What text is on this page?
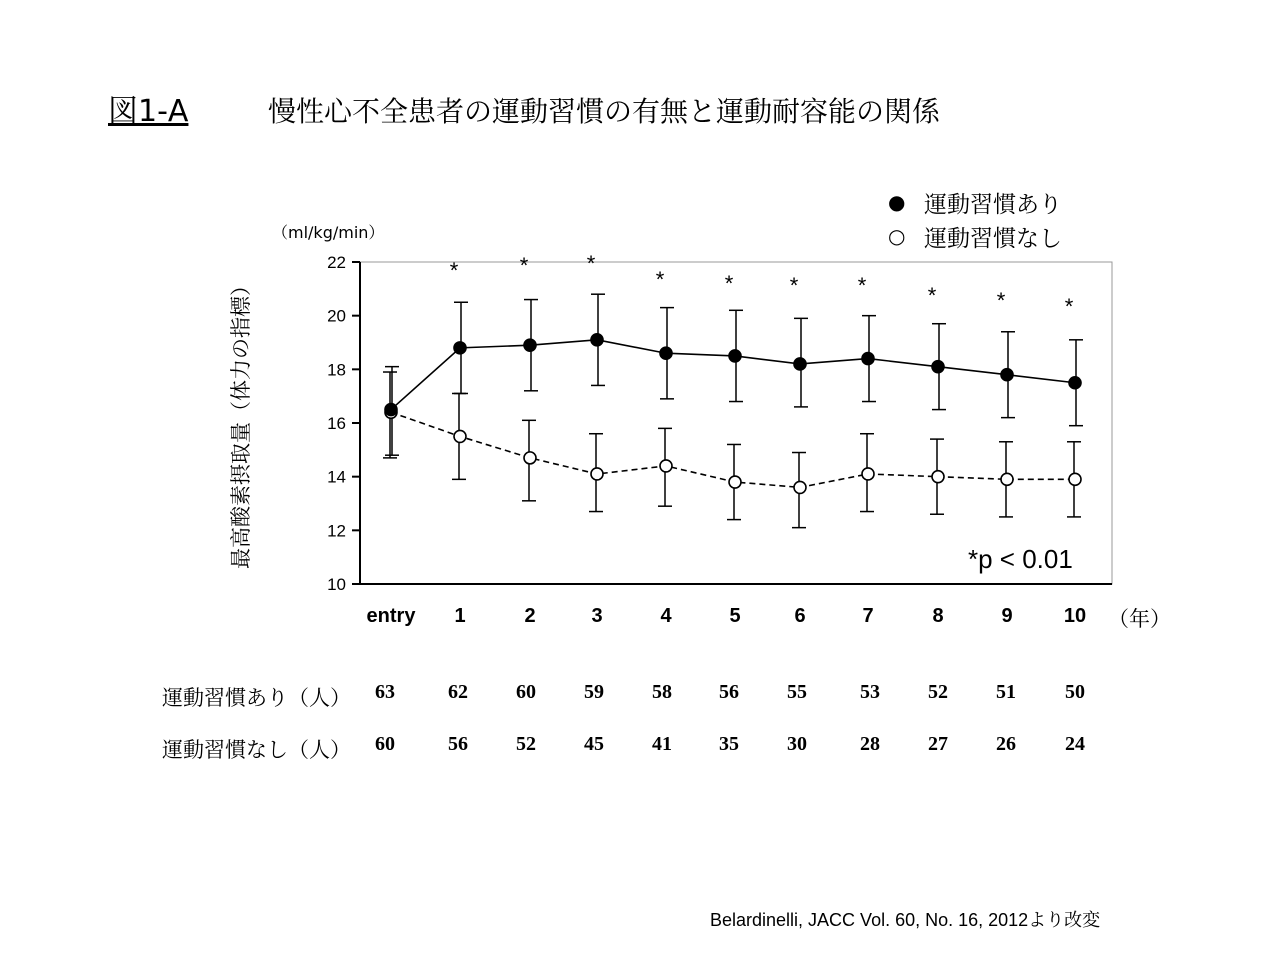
図1-A	慢性心不全患者の運動習慣の有無と運動耐容能の関係
（ml/kg/min）
最高酸素摂取量（体力の指標）
● 運動習慣あり
○ 運動習慣なし
10
12
14
16
18
20
22
entry 1	2	3	4	5	6	7	8	9	10
*	*	*
*	*	*	*	*	*	*
*p < 0.01
（年）
運動習慣あり（人）
運動習慣なし（人）
63	62 60 59 58 56 55	53 52 51 50
60	56 52 45 41 35 30	28 27 26 24
Belardinelli, JACC Vol. 60, No. 16, 2012より改変
